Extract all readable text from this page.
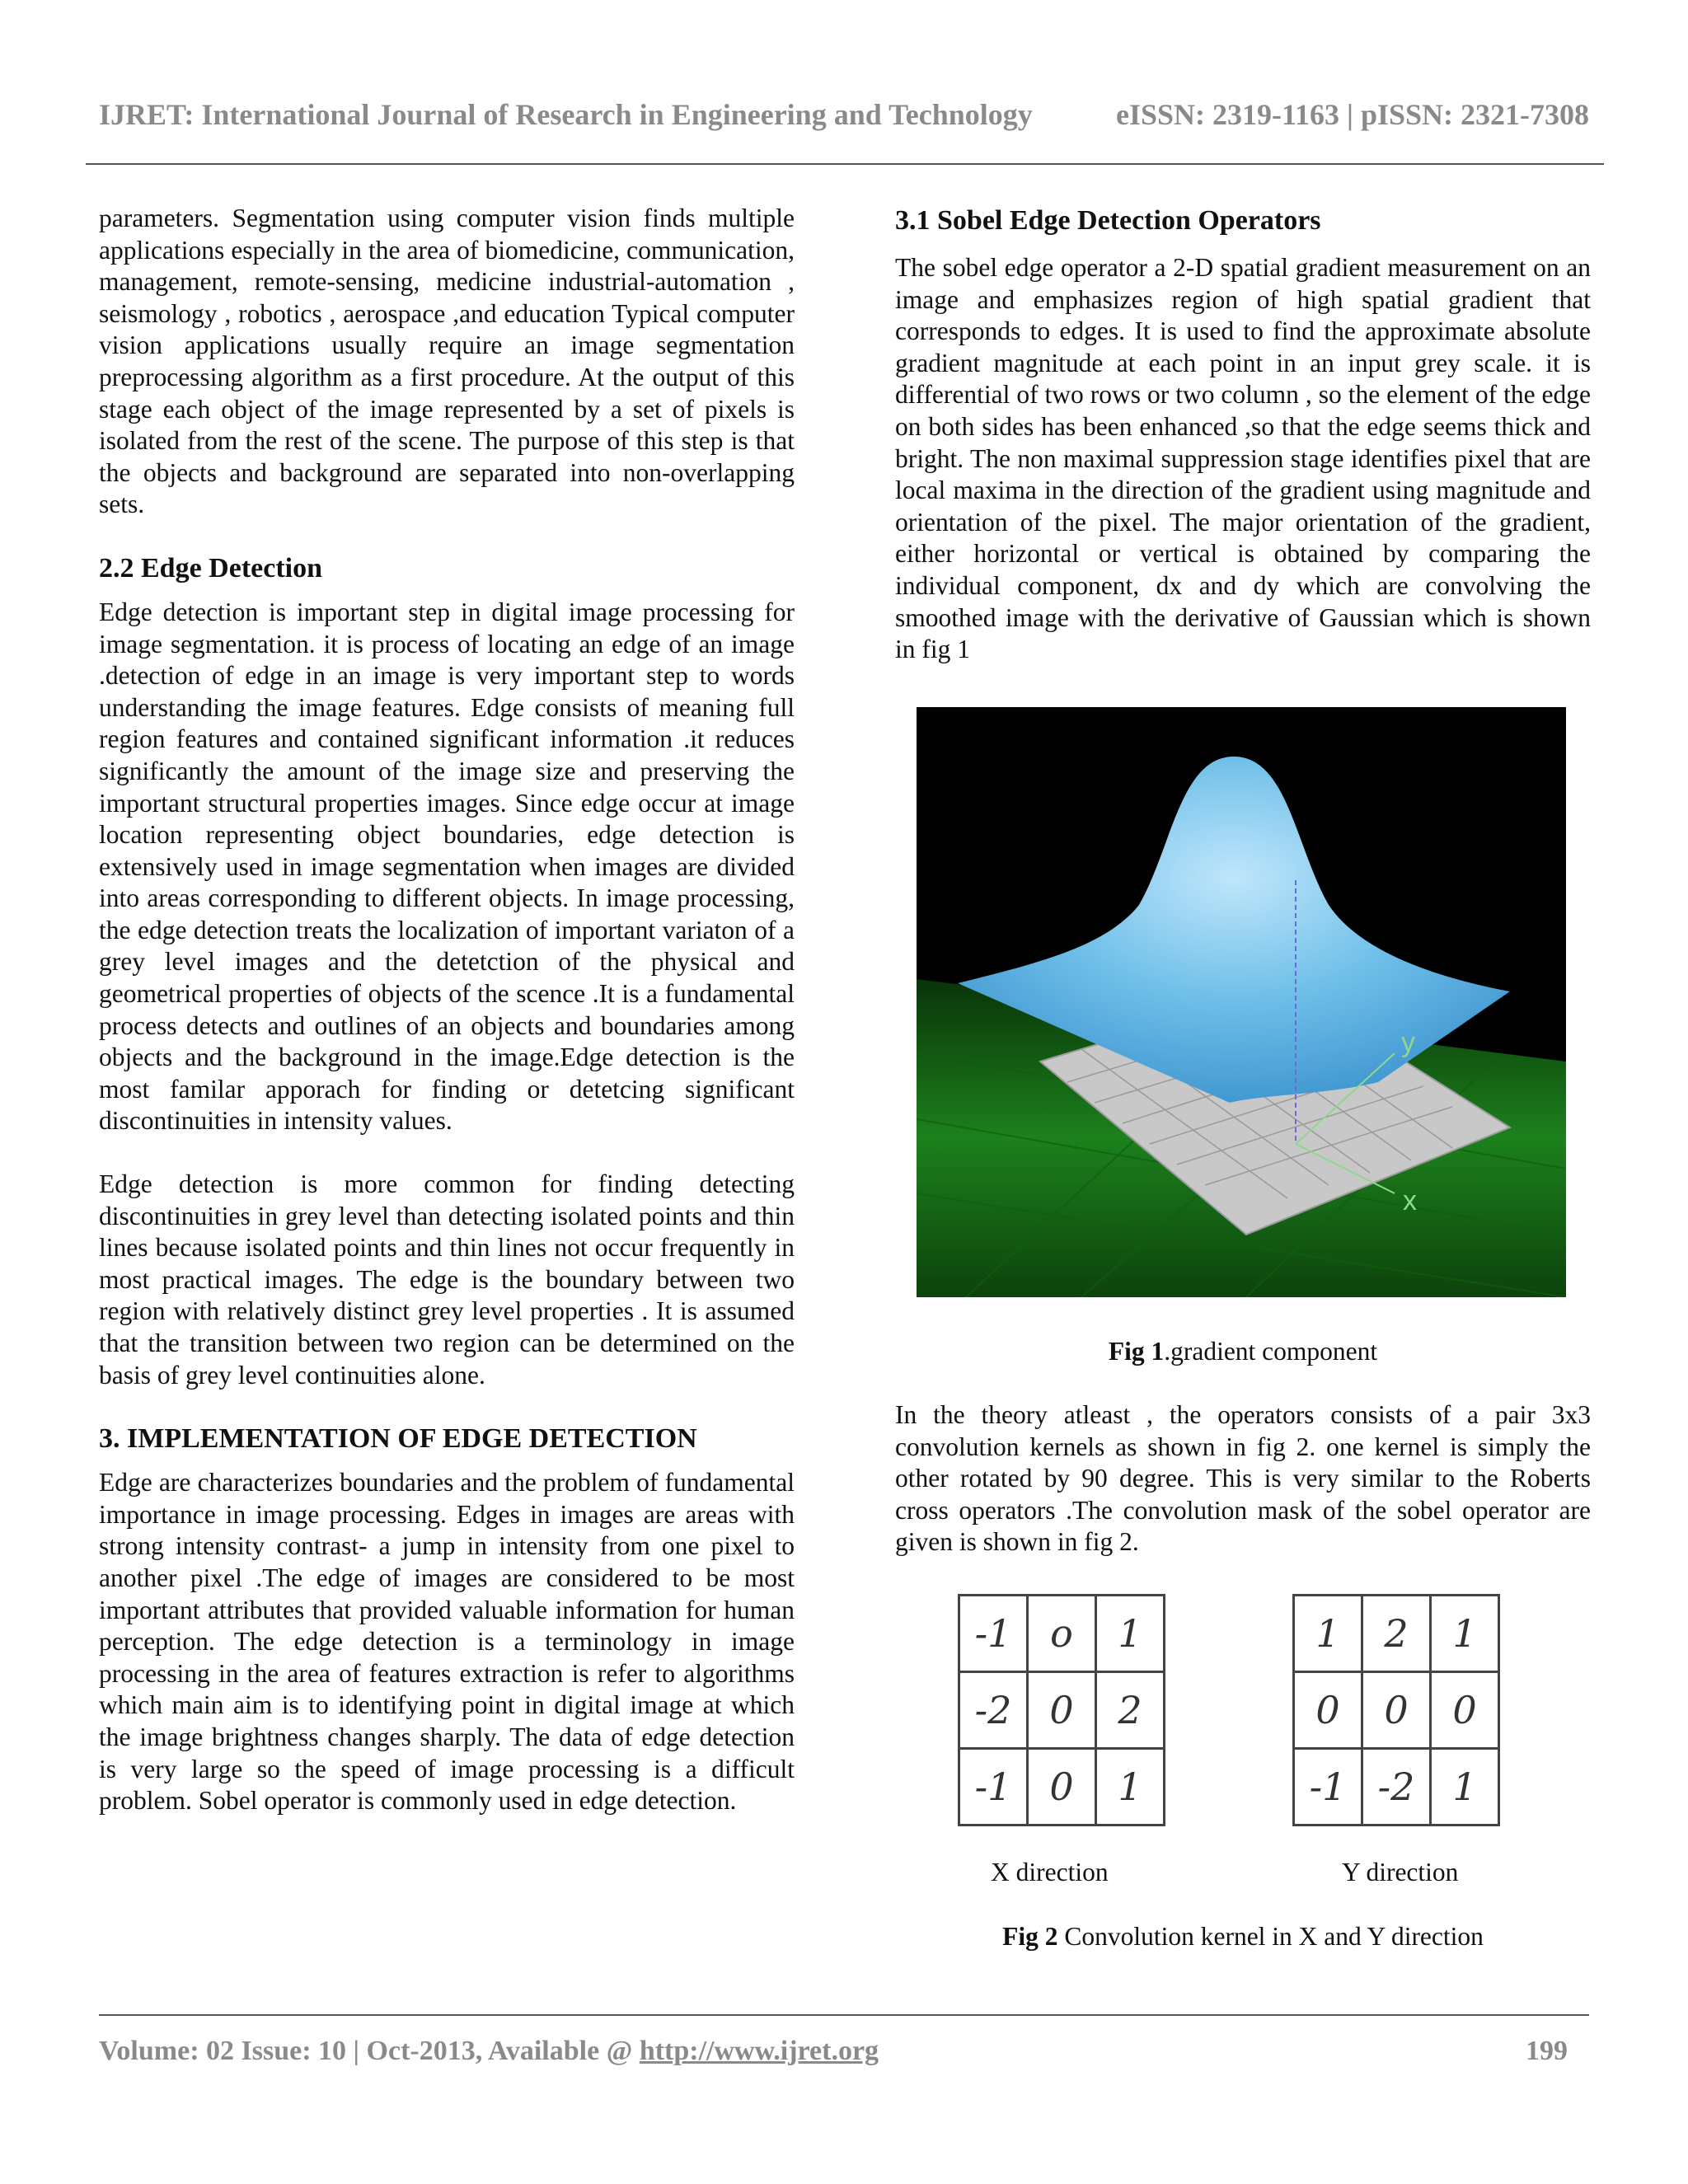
IJRET: International Journal of Research in Engineering and Technology	eISSN: 2319-1163 | pISSN: 2321-7308

parameters. Segmentation using computer vision finds multiple applications especially in the area of biomedicine, communication, management, remote-sensing, medicine industrial-automation , seismology , robotics , aerospace ,and education Typical computer vision applications usually require an image segmentation preprocessing algorithm as a first procedure. At the output of this stage each object of the image represented by a set of pixels is isolated from the rest of the scene. The purpose of this step is that the objects and background are separated into non-overlapping sets.

2.2 Edge Detection

Edge detection is important step in digital image processing for image segmentation. it is process of locating an edge of an image .detection of edge in an image is very important step to words understanding the image features. Edge consists of meaning full region features and contained significant information .it reduces significantly the amount of the image size and preserving the important structural properties images. Since edge occur at image location representing object boundaries, edge detection is extensively used in image segmentation when images are divided into areas corresponding to different objects. In image processing, the edge detection treats the localization of important variaton of a grey level images and the detetction of the physical and geometrical properties of objects of the scence .It is a fundamental process detects and outlines of an objects and boundaries among objects and the background in the image.Edge detection is the most familar apporach for finding or detetcing significant discontinuities in intensity values.

Edge detection is more common for finding detecting discontinuities in grey level than detecting isolated points and thin lines because isolated points and thin lines not occur frequently in most practical images. The edge is the boundary between two region with relatively distinct grey level properties . It is assumed that the transition between two region can be determined on the basis of grey level continuities alone.

3. IMPLEMENTATION OF EDGE DETECTION

Edge are characterizes boundaries and the problem of fundamental importance in image processing. Edges in images are areas with strong intensity contrast- a jump in intensity from one pixel to another pixel .The edge of images are considered to be most important attributes that provided valuable information for human perception. The edge detection is a terminology in image processing in the area of features extraction is refer to algorithms which main aim is to identifying point in digital image at which the image brightness changes sharply. The data of edge detection is very large so the speed of image processing is a difficult problem. Sobel operator is commonly used in edge detection.

3.1 Sobel Edge Detection Operators

The sobel edge operator a 2-D spatial gradient measurement on an image and emphasizes region of high spatial gradient that corresponds to edges. It is used to find the approximate absolute gradient magnitude at each point in an input grey scale. it is differential of two rows or two column , so the element of the edge on both sides has been enhanced ,so that the edge seems thick and bright. The non maximal suppression stage identifies pixel that are local maxima in the direction of the gradient using magnitude and orientation of the pixel. The major orientation of the gradient, either horizontal or vertical is obtained by comparing the individual component, dx and dy which are convolving the smoothed image with the derivative of Gaussian which is shown in fig 1

x
y
Fig 1.gradient component

In the theory atleast , the operators consists of a pair 3x3 convolution kernels as shown in fig 2. one kernel is simply the other rotated by 90 degree. This is very similar to the Roberts cross operators .The convolution mask of the sobel operator are given is shown in fig 2.

-1	o	1
-2	0	2
-1	0	1
1	2	1
0	0	0
-1	-2	1
X direction	Y direction
Fig 2 Convolution kernel in X and Y direction
Volume: 02 Issue: 10 | Oct-2013, Available @ http://www.ijret.org	199
